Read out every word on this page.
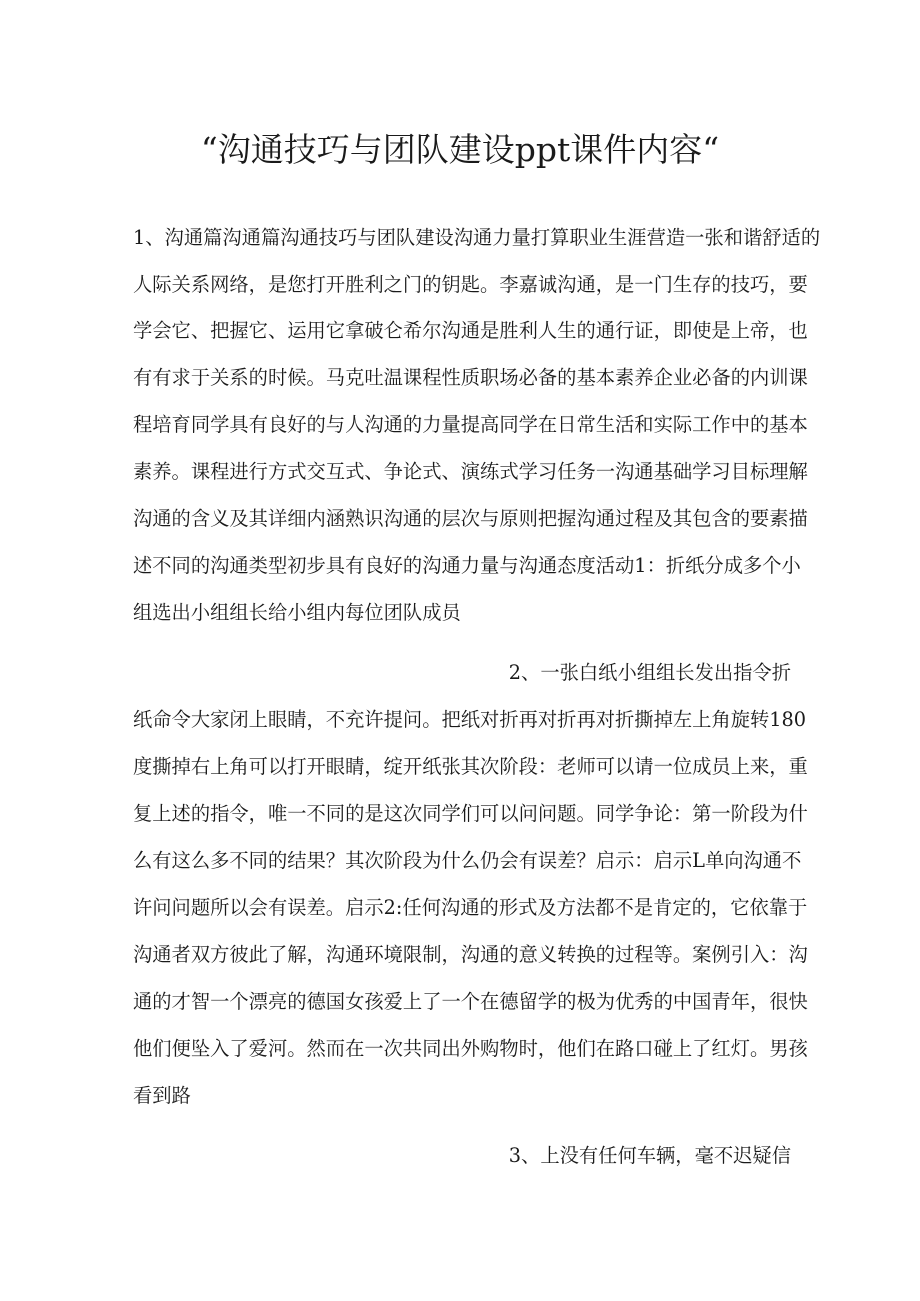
“沟通技巧与团队建设ppt课件内容“
1、沟通篇沟通篇沟通技巧与团队建设沟通力量打算职业生涯营造一张和谐舒适的
人际关系网络，是您打开胜利之门的钥匙。李嘉诚沟通，是一门生存的技巧，要
学会它、把握它、运用它拿破仑希尔沟通是胜利人生的通行证，即使是上帝，也
有有求于关系的时候。马克吐温课程性质职场必备的基本素养企业必备的内训课
程培育同学具有良好的与人沟通的力量提高同学在日常生活和实际工作中的基本
素养。课程进行方式交互式、争论式、演练式学习任务一沟通基础学习目标理解
沟通的含义及其详细内涵熟识沟通的层次与原则把握沟通过程及其包含的要素描
述不同的沟通类型初步具有良好的沟通力量与沟通态度活动1：折纸分成多个小
组选出小组组长给小组内每位团队成员
2、一张白纸小组组长发出指令折
纸命令大家闭上眼睛，不充许提问。把纸对折再对折再对折撕掉左上角旋转180
度撕掉右上角可以打开眼睛，绽开纸张其次阶段：老师可以请一位成员上来，重
复上述的指令，唯一不同的是这次同学们可以问问题。同学争论：第一阶段为什
么有这么多不同的结果？其次阶段为什么仍会有误差？启示：启示L单向沟通不
许问问题所以会有误差。启示2:任何沟通的形式及方法都不是肯定的，它依靠于
沟通者双方彼此了解，沟通环境限制，沟通的意义转换的过程等。案例引入：沟
通的才智一个漂亮的德国女孩爱上了一个在德留学的极为优秀的中国青年，很快
他们便坠入了爱河。然而在一次共同出外购物时，他们在路口碰上了红灯。男孩
看到路
3、上没有任何车辆，毫不迟疑信
